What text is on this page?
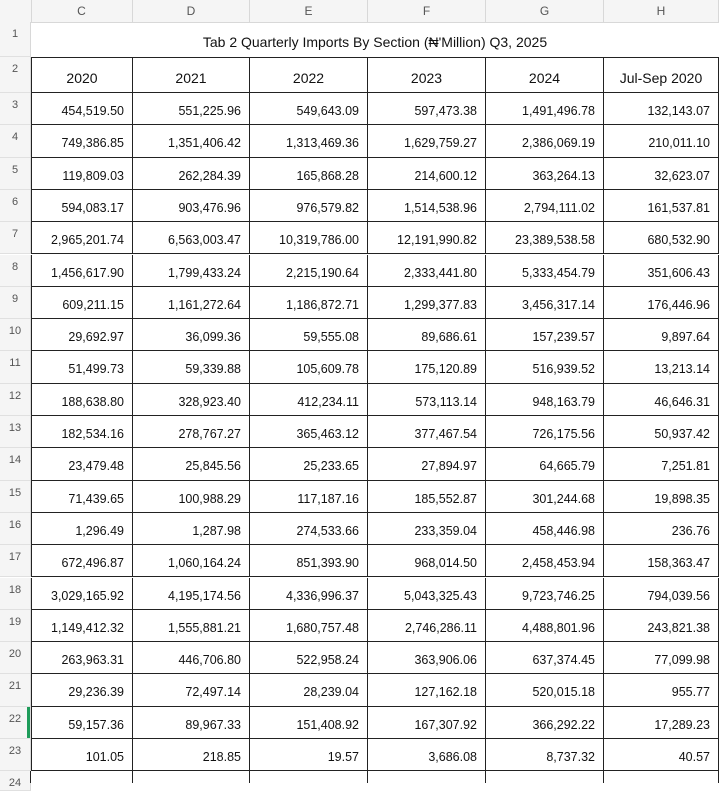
C	D	E	F	G	H
1
2
3
4
5
6
7
8
9
10
11
12
13
14
15
16
17
18
19
20
21
22
23
24
Tab 2 Quarterly Imports By Section (₦'Million) Q3, 2025
2020	2021	2022	2023	2024	Jul-Sep 2020
454,519.50	551,225.96	549,643.09	597,473.38	1,491,496.78	132,143.07
749,386.85	1,351,406.42	1,313,469.36	1,629,759.27	2,386,069.19	210,011.10
119,809.03	262,284.39	165,868.28	214,600.12	363,264.13	32,623.07
594,083.17	903,476.96	976,579.82	1,514,538.96	2,794,111.02	161,537.81
2,965,201.74	6,563,003.47	10,319,786.00	12,191,990.82	23,389,538.58	680,532.90
1,456,617.90	1,799,433.24	2,215,190.64	2,333,441.80	5,333,454.79	351,606.43
609,211.15	1,161,272.64	1,186,872.71	1,299,377.83	3,456,317.14	176,446.96
29,692.97	36,099.36	59,555.08	89,686.61	157,239.57	9,897.64
51,499.73	59,339.88	105,609.78	175,120.89	516,939.52	13,213.14
188,638.80	328,923.40	412,234.11	573,113.14	948,163.79	46,646.31
182,534.16	278,767.27	365,463.12	377,467.54	726,175.56	50,937.42
23,479.48	25,845.56	25,233.65	27,894.97	64,665.79	7,251.81
71,439.65	100,988.29	117,187.16	185,552.87	301,244.68	19,898.35
1,296.49	1,287.98	274,533.66	233,359.04	458,446.98	236.76
672,496.87	1,060,164.24	851,393.90	968,014.50	2,458,453.94	158,363.47
3,029,165.92	4,195,174.56	4,336,996.37	5,043,325.43	9,723,746.25	794,039.56
1,149,412.32	1,555,881.21	1,680,757.48	2,746,286.11	4,488,801.96	243,821.38
263,963.31	446,706.80	522,958.24	363,906.06	637,374.45	77,099.98
29,236.39	72,497.14	28,239.04	127,162.18	520,015.18	955.77
59,157.36	89,967.33	151,408.92	167,307.92	366,292.22	17,289.23
101.05	218.85	19.57	3,686.08	8,737.32	40.57
